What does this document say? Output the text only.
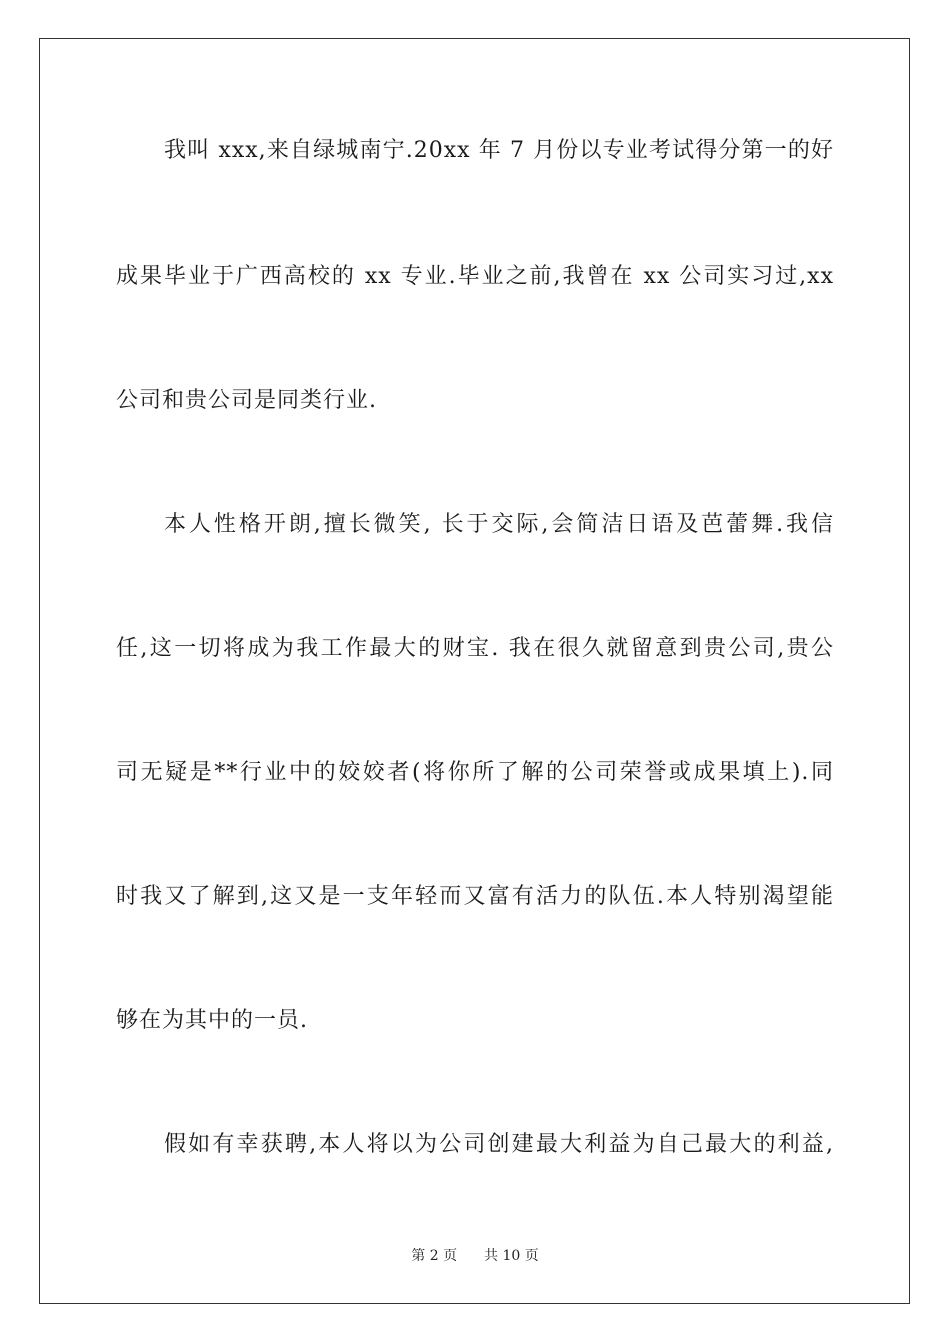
我叫 xxx,来自绿城南宁.20xx 年 7 月份以专业考试得分第一的好
成果毕业于广西高校的 xx 专业.毕业之前,我曾在 xx 公司实习过,xx
公司和贵公司是同类行业.
本人性格开朗,擅长微笑, 长于交际,会简洁日语及芭蕾舞.我信
任,这一切将成为我工作最大的财宝. 我在很久就留意到贵公司,贵公
司无疑是**行业中的姣姣者(将你所了解的公司荣誉或成果填上).同
时我又了解到,这又是一支年轻而又富有活力的队伍.本人特别渴望能
够在为其中的一员.
假如有幸获聘,本人将以为公司创建最大利益为自己最大的利益,
第 2 页 共 10 页
